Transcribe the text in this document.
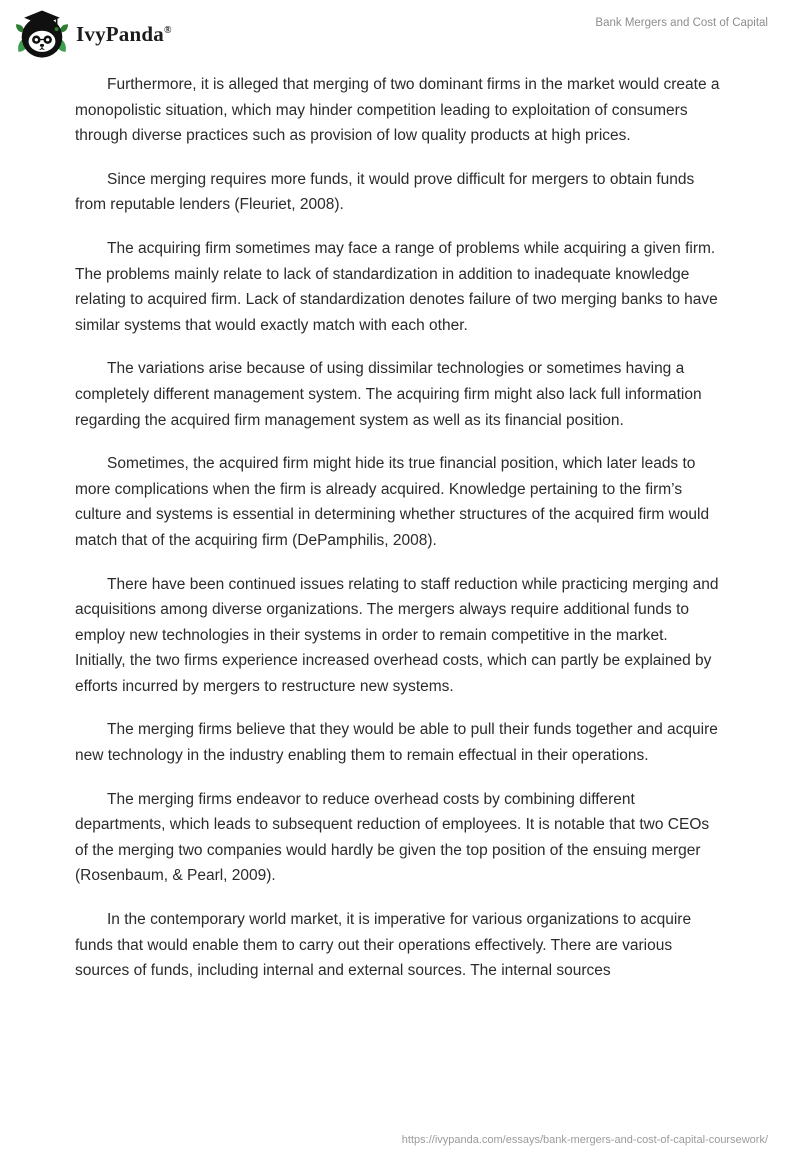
IvyPanda®
Bank Mergers and Cost of Capital

Furthermore, it is alleged that merging of two dominant firms in the market would create a monopolistic situation, which may hinder competition leading to exploitation of consumers through diverse practices such as provision of low quality products at high prices.

Since merging requires more funds, it would prove difficult for mergers to obtain funds from reputable lenders (Fleuriet, 2008).

The acquiring firm sometimes may face a range of problems while acquiring a given firm. The problems mainly relate to lack of standardization in addition to inadequate knowledge relating to acquired firm. Lack of standardization denotes failure of two merging banks to have similar systems that would exactly match with each other.

The variations arise because of using dissimilar technologies or sometimes having a completely different management system. The acquiring firm might also lack full information regarding the acquired firm management system as well as its financial position.

Sometimes, the acquired firm might hide its true financial position, which later leads to more complications when the firm is already acquired. Knowledge pertaining to the firm’s culture and systems is essential in determining whether structures of the acquired firm would match that of the acquiring firm (DePamphilis, 2008).

There have been continued issues relating to staff reduction while practicing merging and acquisitions among diverse organizations. The mergers always require additional funds to employ new technologies in their systems in order to remain competitive in the market. Initially, the two firms experience increased overhead costs, which can partly be explained by efforts incurred by mergers to restructure new systems.

The merging firms believe that they would be able to pull their funds together and acquire new technology in the industry enabling them to remain effectual in their operations.

The merging firms endeavor to reduce overhead costs by combining different departments, which leads to subsequent reduction of employees. It is notable that two CEOs of the merging two companies would hardly be given the top position of the ensuing merger (Rosenbaum, & Pearl, 2009).

In the contemporary world market, it is imperative for various organizations to acquire funds that would enable them to carry out their operations effectively. There are various sources of funds, including internal and external sources. The internal sources

https://ivypanda.com/essays/bank-mergers-and-cost-of-capital-coursework/
